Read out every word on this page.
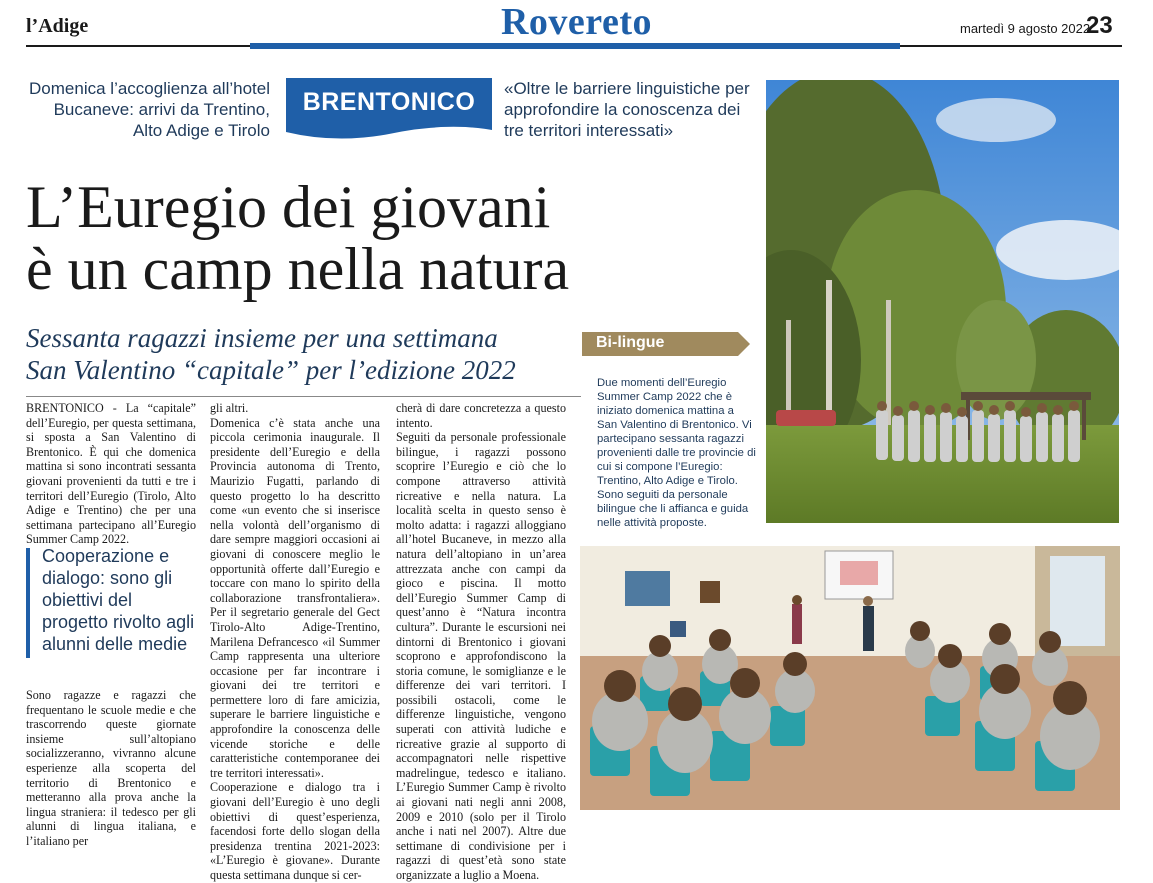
l’Adige	Rovereto	martedì 9 agosto 2022
23
Domenica l’accoglienza all’hotel Bucaneve: arrivi da Trentino, Alto Adige e Tirolo
BRENTONICO	«Oltre le barriere linguistiche per approfondire la conoscenza dei tre territori interessati»
L’Euregio dei giovani
è un camp nella natura
Sessanta ragazzi insieme per una settimana
San Valentino “capitale” per l’edizione 2022

BRENTONICO - La “capitale” dell’Euregio, per questa settimana, si sposta a San Valentino di Brentonico. È qui che domenica mattina si sono incontrati sessanta giovani provenienti da tutti e tre i territori dell’Euregio (Tirolo, Alto Adige e Trentino) che per una settimana partecipano all’Euregio Summer Camp 2022.

Cooperazione e dialogo: sono gli obiettivi del progetto rivolto agli alunni delle medie

Sono ragazze e ragazzi che frequentano le scuole medie e che trascorrendo queste giornate insieme sull’altopiano socializzeranno, vivranno alcune esperienze alla scoperta del territorio di Brentonico e metteranno alla prova anche la lingua straniera: il tedesco per gli alunni di lingua italiana, e l’italiano per

gli altri.

Domenica c’è stata anche una piccola cerimonia inaugurale. Il presidente dell’Euregio e della Provincia autonoma di Trento, Maurizio Fugatti, parlando di questo progetto lo ha descritto come «un evento che si inserisce nella volontà dell’organismo di dare sempre maggiori occasioni ai giovani di conoscere meglio le opportunità offerte dall’Euregio e toccare con mano lo spirito della collaborazione transfrontaliera». Per il segretario generale del Gect Tirolo-Alto Adige-Trentino, Marilena Defrancesco «il Summer Camp rappresenta una ulteriore occasione per far incontrare i giovani dei tre territori e permettere loro di fare amicizia, superare le barriere linguistiche e approfondire la conoscenza delle vicende storiche e delle caratteristiche contemporanee dei tre territori interessati».

Cooperazione e dialogo tra i giovani dell’Euregio è uno degli obiettivi di quest’esperienza, facendosi forte dello slogan della presidenza trentina 2021-2023: «L’Euregio è giovane». Durante questa settimana dunque si cer-

cherà di dare concretezza a questo intento.

Seguiti da personale professionale bilingue, i ragazzi possono scoprire l’Euregio e ciò che lo compone attraverso attività ricreative e nella natura. La località scelta in questo senso è molto adatta: i ragazzi alloggiano all’hotel Bucaneve, in mezzo alla natura dell’altopiano in un’area attrezzata anche con campi da gioco e piscina. Il motto dell’Euregio Summer Camp di quest’anno è “Natura incontra cultura”. Durante le escursioni nei dintorni di Brentonico i giovani scoprono e approfondiscono la storia comune, le somiglianze e le differenze dei vari territori. I possibili ostacoli, come le differenze linguistiche, vengono superati con attività ludiche e ricreative grazie al supporto di accompagnatori nelle rispettive madrelingue, tedesco e italiano. L’Euregio Summer Camp è rivolto ai giovani nati negli anni 2008, 2009 e 2010 (solo per il Tirolo anche i nati nel 2007). Altre due settimane di condivisione per i ragazzi di quest’età sono state organizzate a luglio a Moena.

Bi-lingue
Due momenti dell’Euregio Summer Camp 2022 che è iniziato domenica mattina a San Valentino di Brentonico. Vi partecipano sessanta ragazzi provenienti dalle tre provincie di cui si compone l’Euregio: Trentino, Alto Adige e Tirolo. Sono seguiti da personale bilingue che li affianca e guida nelle attività proposte.
